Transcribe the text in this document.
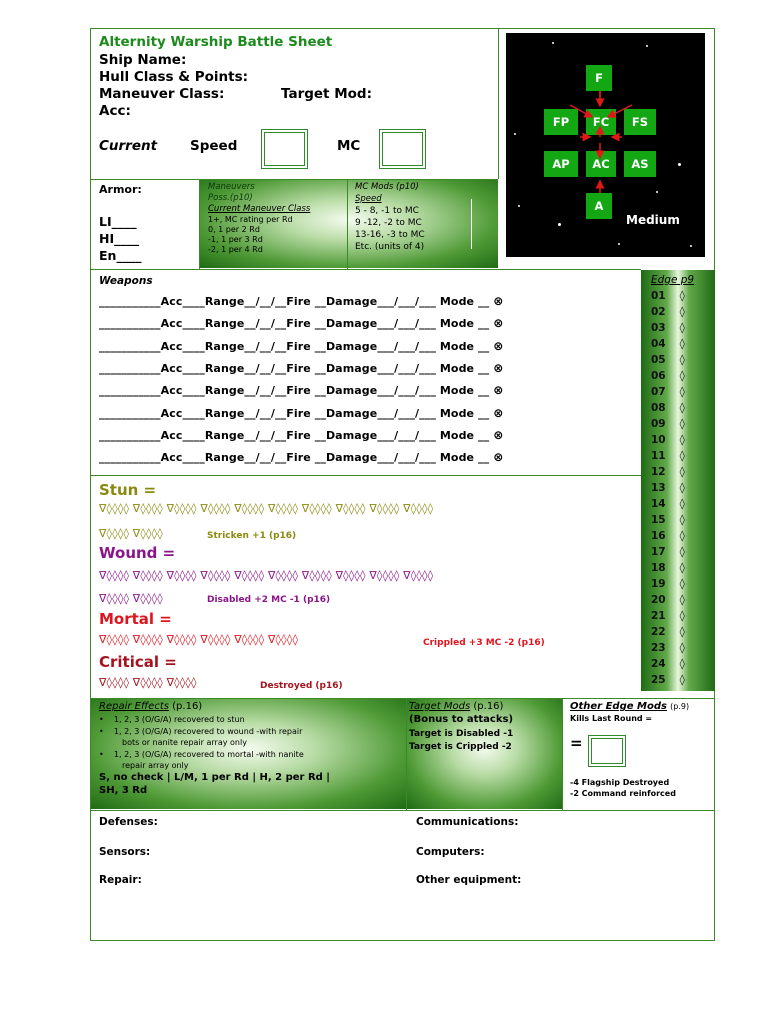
Alternity Warship Battle Sheet
Ship Name:
Hull Class & Points:
Maneuver Class:	Target Mod:
Acc:
Current Speed	MC
F
FP	FC	FS
AP	AC	AS
A
Medium
Armor:
LI____
HI____
En____
Maneuvers
Poss.(p10)
Current Maneuver Class
1+, MC rating per Rd
0, 1 per 2 Rd
-1, 1 per 3 Rd
-2, 1 per 4 Rd
MC Mods (p10)
Speed
5 - 8, -1 to MC
9 -12, -2 to MC
13-16, -3 to MC
Etc. (units of 4)
Weapons
___________Acc____Range__/__/__Fire __Damage___/___/___ Mode __ ⊗
___________Acc____Range__/__/__Fire __Damage___/___/___ Mode __ ⊗
___________Acc____Range__/__/__Fire __Damage___/___/___ Mode __ ⊗
___________Acc____Range__/__/__Fire __Damage___/___/___ Mode __ ⊗
___________Acc____Range__/__/__Fire __Damage___/___/___ Mode __ ⊗
___________Acc____Range__/__/__Fire __Damage___/___/___ Mode __ ⊗
___________Acc____Range__/__/__Fire __Damage___/___/___ Mode __ ⊗
___________Acc____Range__/__/__Fire __Damage___/___/___ Mode __ ⊗
Edge p9
01 ◊
02 ◊
03 ◊
04 ◊
05 ◊
06 ◊
07 ◊
08 ◊
09 ◊
10 ◊
11 ◊
12 ◊
13 ◊
14 ◊
15 ◊
16 ◊
17 ◊
18 ◊
19 ◊
20 ◊
21 ◊
22 ◊
23 ◊
24 ◊
25 ◊
Stun =
∇◊◊◊◊ ∇◊◊◊◊ ∇◊◊◊◊ ∇◊◊◊◊ ∇◊◊◊◊ ∇◊◊◊◊ ∇◊◊◊◊ ∇◊◊◊◊ ∇◊◊◊◊ ∇◊◊◊◊
∇◊◊◊◊ ∇◊◊◊◊	Stricken +1 (p16)
Wound =
∇◊◊◊◊ ∇◊◊◊◊ ∇◊◊◊◊ ∇◊◊◊◊ ∇◊◊◊◊ ∇◊◊◊◊ ∇◊◊◊◊ ∇◊◊◊◊ ∇◊◊◊◊ ∇◊◊◊◊
∇◊◊◊◊ ∇◊◊◊◊	Disabled +2 MC -1 (p16)
Mortal =
∇◊◊◊◊ ∇◊◊◊◊ ∇◊◊◊◊ ∇◊◊◊◊ ∇◊◊◊◊ ∇◊◊◊◊	Crippled +3 MC -2 (p16)
Critical =
∇◊◊◊◊ ∇◊◊◊◊ ∇◊◊◊◊	Destroyed (p16)
Repair Effects (p.16)
•    1, 2, 3 (O/G/A) recovered to stun
•    1, 2, 3 (O/G/A) recovered to wound -with repair
bots or nanite repair array only
•    1, 2, 3 (O/G/A) recovered to mortal -with nanite
repair array only
S, no check | L/M, 1 per Rd | H, 2 per Rd |
SH, 3 Rd
Target Mods (p.16)
(Bonus to attacks)
Target is Disabled -1
Target is Crippled -2
Other Edge Mods (p.9)
Kills Last Round =
=
-4 Flagship Destroyed
-2 Command reinforced
Defenses:
Sensors:
Repair:
Communications:
Computers:
Other equipment:
